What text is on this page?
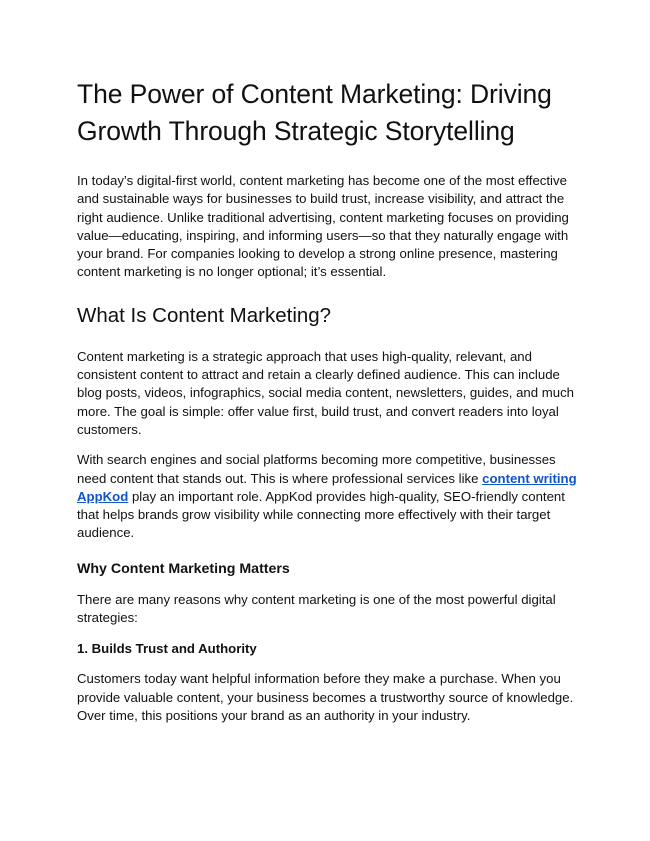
The Power of Content Marketing: Driving Growth Through Strategic Storytelling

In today’s digital-first world, content marketing has become one of the most effective and sustainable ways for businesses to build trust, increase visibility, and attract the right audience. Unlike traditional advertising, content marketing focuses on providing value—educating, inspiring, and informing users—so that they naturally engage with your brand. For companies looking to develop a strong online presence, mastering content marketing is no longer optional; it’s essential.

What Is Content Marketing?

Content marketing is a strategic approach that uses high-quality, relevant, and consistent content to attract and retain a clearly defined audience. This can include blog posts, videos, infographics, social media content, newsletters, guides, and much more. The goal is simple: offer value first, build trust, and convert readers into loyal customers.

With search engines and social platforms becoming more competitive, businesses need content that stands out. This is where professional services like content writing AppKod play an important role. AppKod provides high-quality, SEO-friendly content that helps brands grow visibility while connecting more effectively with their target audience.

Why Content Marketing Matters

There are many reasons why content marketing is one of the most powerful digital strategies:

1. Builds Trust and Authority

Customers today want helpful information before they make a purchase. When you provide valuable content, your business becomes a trustworthy source of knowledge. Over time, this positions your brand as an authority in your industry.
